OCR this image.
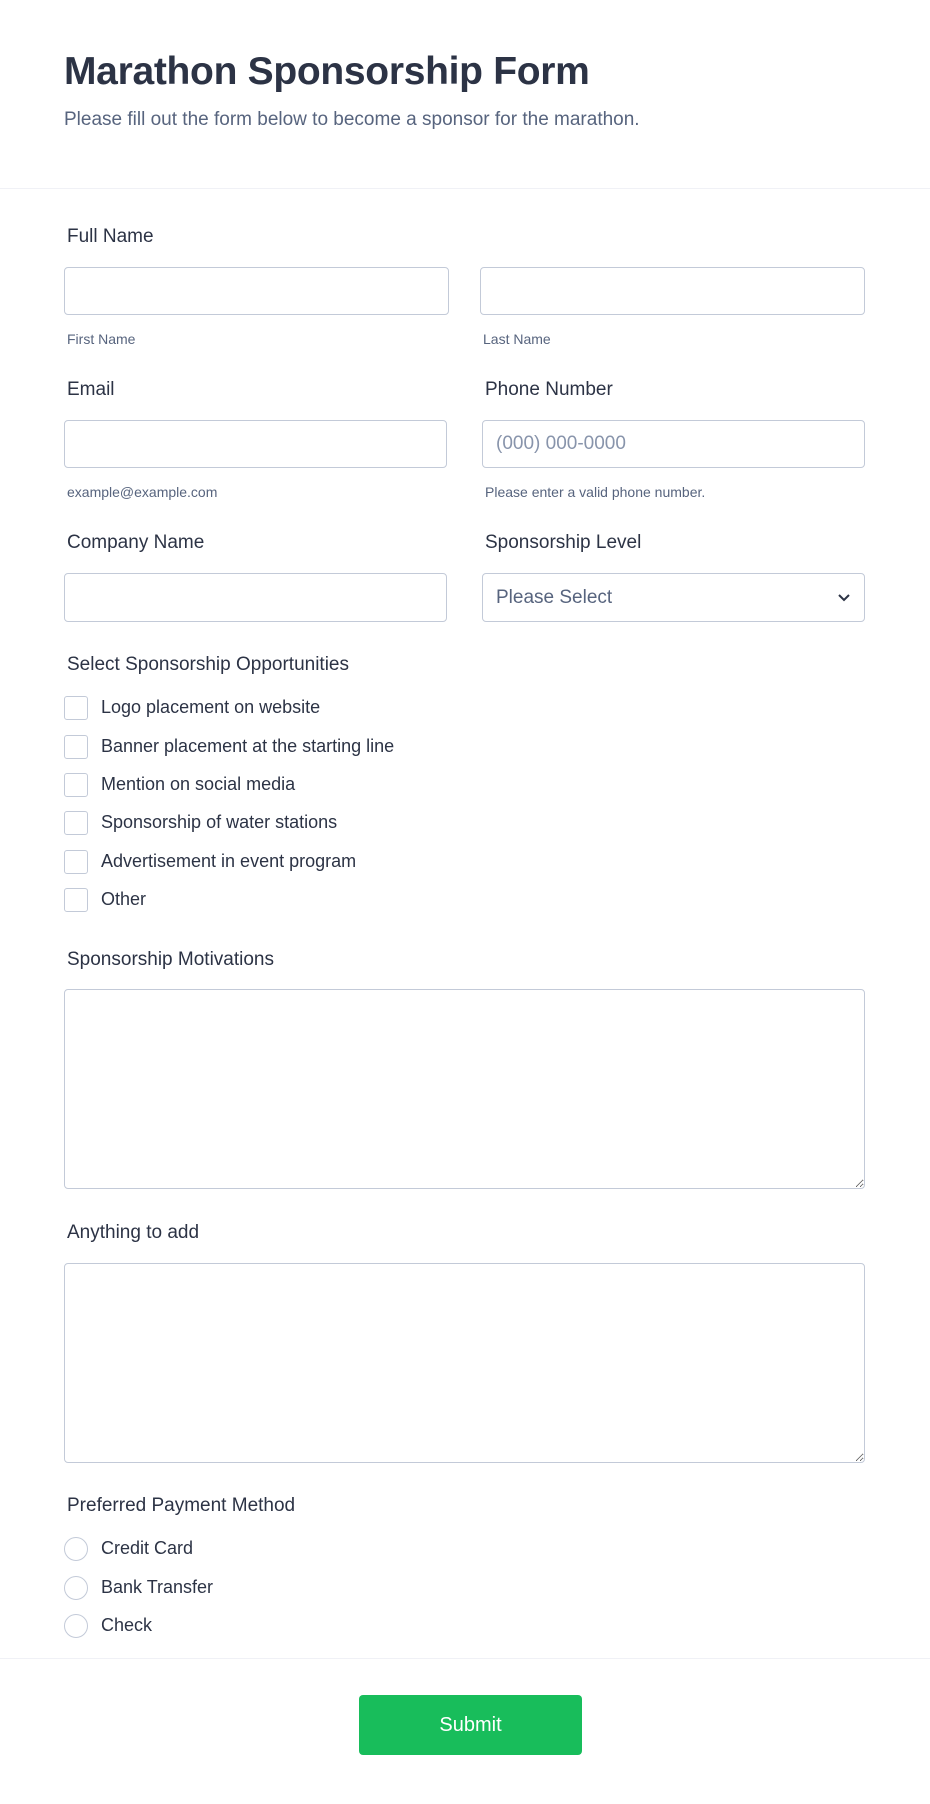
Marathon Sponsorship Form

Please fill out the form below to become a sponsor for the marathon.

Full Name
First Name	Last Name
Email
example@example.com
Phone Number
(000) 000-0000
Please enter a valid phone number.
Company Name	Sponsorship Level
Please Select
Select Sponsorship Opportunities
Logo placement on website
Banner placement at the starting line
Mention on social media
Sponsorship of water stations
Advertisement in event program
Other
Sponsorship Motivations
Anything to add
Preferred Payment Method
Credit Card
Bank Transfer
Check
Submit
